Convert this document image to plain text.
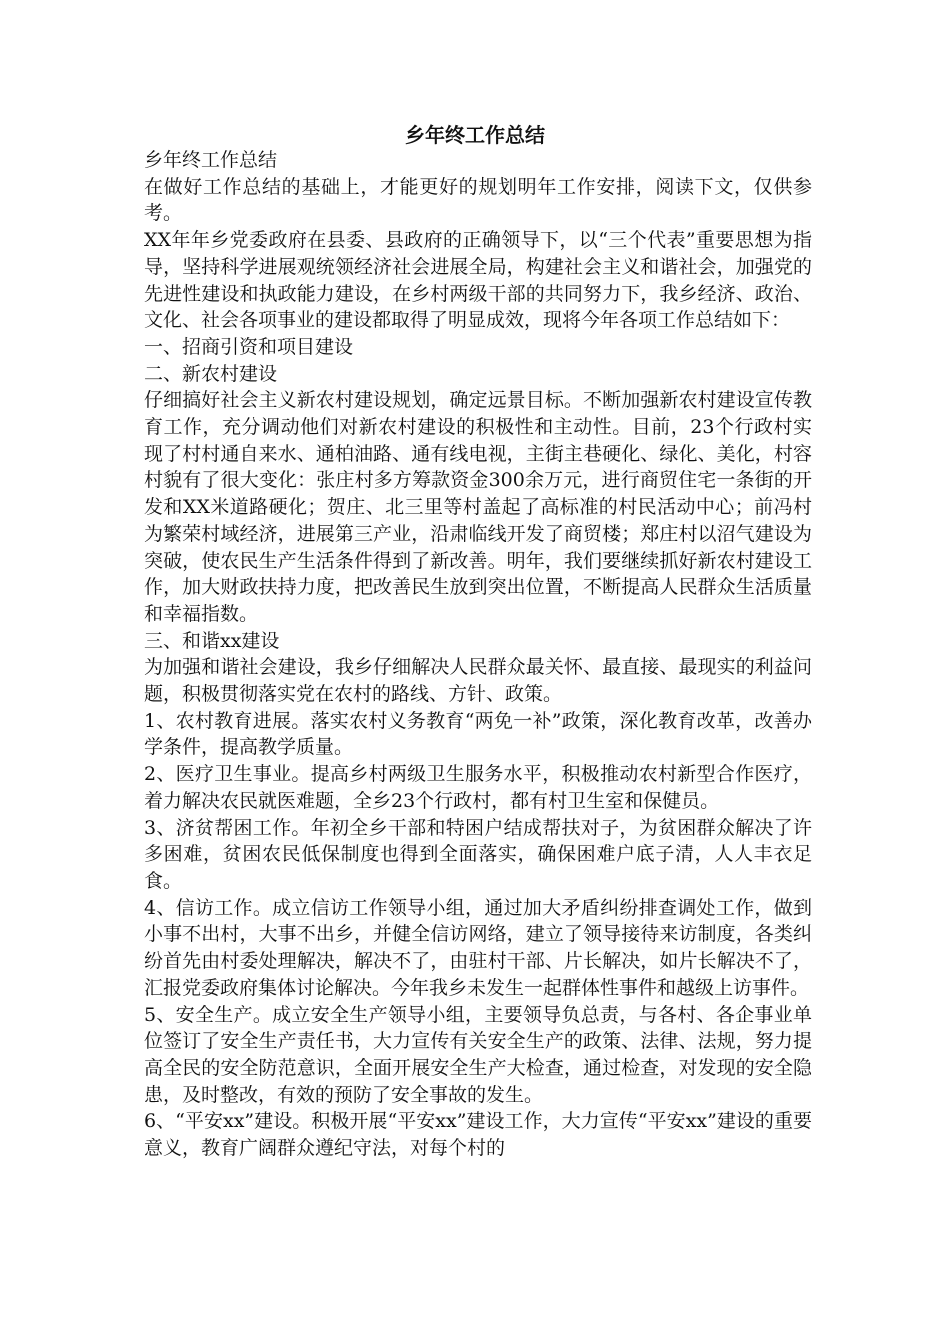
乡年终工作总结

乡年终工作总结

在做好工作总结的基础上，才能更好的规划明年工作安排，阅读下文，仅供参考。

XX年年乡党委政府在县委、县政府的正确领导下，以“三个代表”重要思想为指导，坚持科学进展观统领经济社会进展全局，构建社会主义和谐社会，加强党的先进性建设和执政能力建设，在乡村两级干部的共同努力下，我乡经济、政治、文化、社会各项事业的建设都取得了明显成效，现将今年各项工作总结如下：

一、招商引资和项目建设

二、新农村建设

仔细搞好社会主义新农村建设规划，确定远景目标。不断加强新农村建设宣传教育工作，充分调动他们对新农村建设的积极性和主动性。目前，23个行政村实现了村村通自来水、通柏油路、通有线电视，主街主巷硬化、绿化、美化，村容村貌有了很大变化：张庄村多方筹款资金300余万元，进行商贸住宅一条街的开发和XX米道路硬化；贺庄、北三里等村盖起了高标准的村民活动中心；前冯村为繁荣村域经济，进展第三产业，沿肃临线开发了商贸楼；郑庄村以沼气建设为突破，使农民生产生活条件得到了新改善。明年，我们要继续抓好新农村建设工作，加大财政扶持力度，把改善民生放到突出位置，不断提高人民群众生活质量和幸福指数。

三、和谐xx建设

为加强和谐社会建设，我乡仔细解决人民群众最关怀、最直接、最现实的利益问题，积极贯彻落实党在农村的路线、方针、政策。

1、农村教育进展。落实农村义务教育“两免一补”政策，深化教育改革，改善办学条件，提高教学质量。

2、医疗卫生事业。提高乡村两级卫生服务水平，积极推动农村新型合作医疗，着力解决农民就医难题，全乡23个行政村，都有村卫生室和保健员。

3、济贫帮困工作。年初全乡干部和特困户结成帮扶对子，为贫困群众解决了许多困难，贫困农民低保制度也得到全面落实，确保困难户底子清，人人丰衣足食。

4、信访工作。成立信访工作领导小组，通过加大矛盾纠纷排查调处工作，做到小事不出村，大事不出乡，并健全信访网络，建立了领导接待来访制度，各类纠纷首先由村委处理解决，解决不了，由驻村干部、片长解决，如片长解决不了，汇报党委政府集体讨论解决。今年我乡未发生一起群体性事件和越级上访事件。

5、安全生产。成立安全生产领导小组，主要领导负总责，与各村、各企事业单位签订了安全生产责任书，大力宣传有关安全生产的政策、法律、法规，努力提高全民的安全防范意识，全面开展安全生产大检查，通过检查，对发现的安全隐患，及时整改，有效的预防了安全事故的发生。

6、“平安xx”建设。积极开展“平安xx”建设工作，大力宣传“平安xx”建设的重要意义，教育广阔群众遵纪守法，对每个村的
